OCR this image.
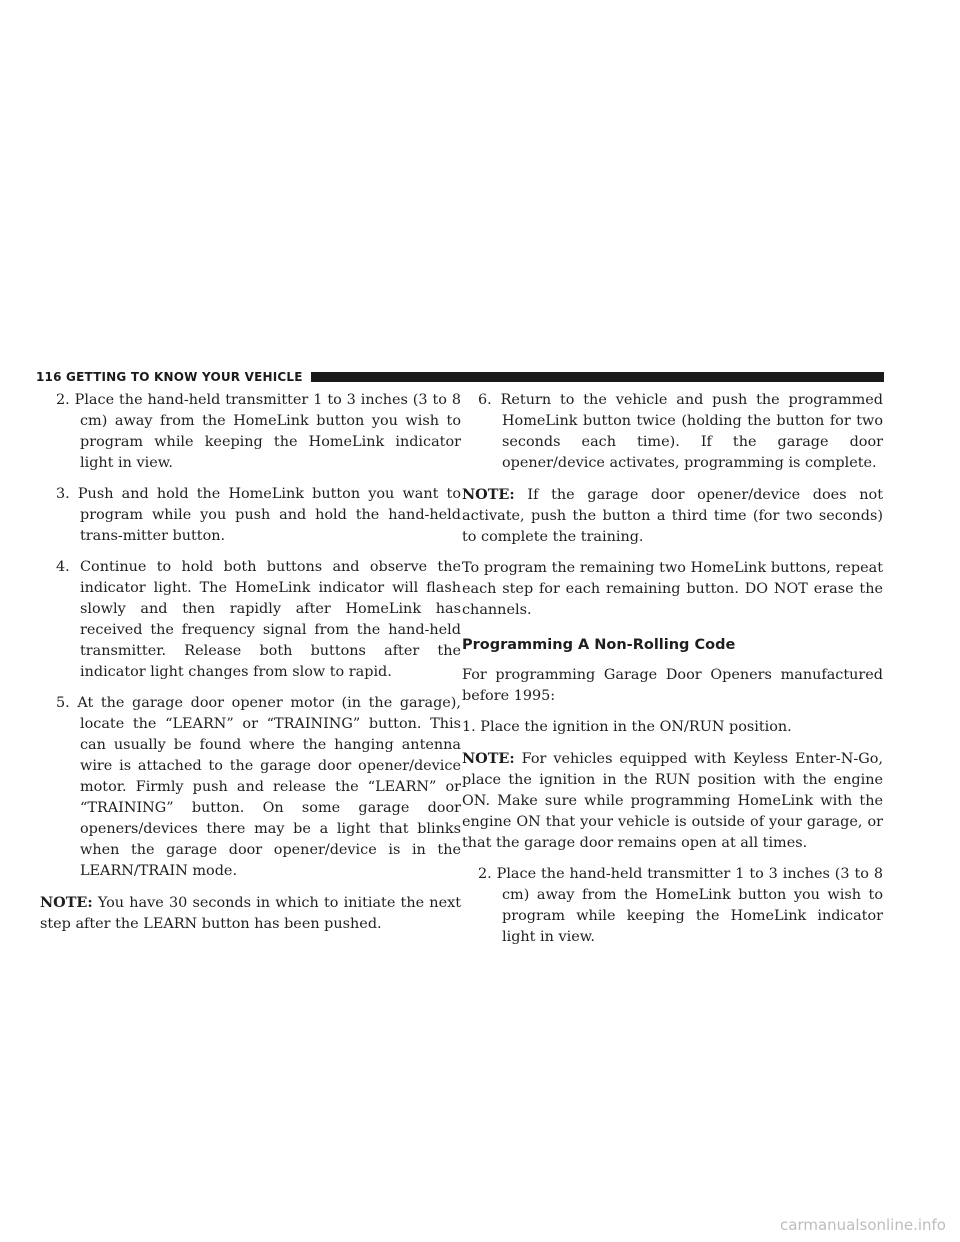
116 GETTING TO KNOW YOUR VEHICLE

2. Place the hand-held transmitter 1 to 3 inches (3 to 8 cm) away from the HomeLink button you wish to program while keeping the HomeLink indicator light in view.

3. Push and hold the HomeLink button you want to program while you push and hold the hand-held trans-mitter button.

4. Continue to hold both buttons and observe the indicator light. The HomeLink indicator will flash slowly and then rapidly after HomeLink has received the frequency signal from the hand-held transmitter. Release both buttons after the indicator light changes from slow to rapid.

5. At the garage door opener motor (in the garage), locate the “LEARN” or “TRAINING” button. This can usually be found where the hanging antenna wire is attached to the garage door opener/device motor. Firmly push and release the “LEARN” or “TRAINING” button. On some garage door openers/devices there may be a light that blinks when the garage door opener/device is in the LEARN/TRAIN mode.

NOTE: You have 30 seconds in which to initiate the next step after the LEARN button has been pushed.

6. Return to the vehicle and push the programmed HomeLink button twice (holding the button for two seconds each time). If the garage door opener/device activates, programming is complete.

NOTE: If the garage door opener/device does not activate, push the button a third time (for two seconds) to complete the training.

To program the remaining two HomeLink buttons, repeat each step for each remaining button. DO NOT erase the channels.

Programming A Non-Rolling Code

For programming Garage Door Openers manufactured before 1995:

1. Place the ignition in the ON/RUN position.

NOTE: For vehicles equipped with Keyless Enter-N-Go, place the ignition in the RUN position with the engine ON. Make sure while programming HomeLink with the engine ON that your vehicle is outside of your garage, or that the garage door remains open at all times.

2. Place the hand-held transmitter 1 to 3 inches (3 to 8 cm) away from the HomeLink button you wish to program while keeping the HomeLink indicator light in view.

carmanualsonline.info
